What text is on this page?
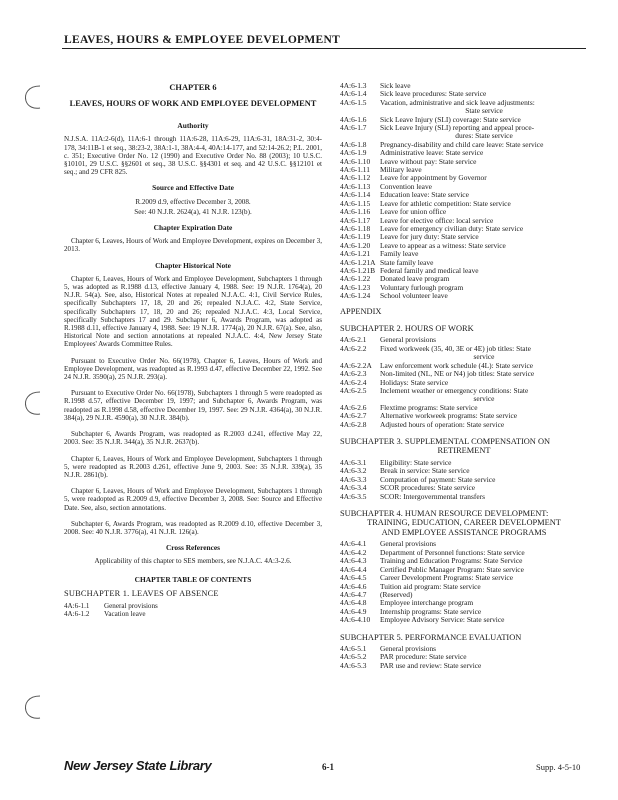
LEAVES, HOURS & EMPLOYEE DEVELOPMENT
CHAPTER 6
LEAVES, HOURS OF WORK AND EMPLOYEE DEVELOPMENT
Authority

N.J.S.A. 11A:2-6(d), 11A:6-1 through 11A:6-28, 11A:6-29, 11A:6-31, 18A:31-2, 30:4-178, 34:11B-1 et seq., 38:23-2, 38A:1-1, 38A:4-4, 40A:14-177, and 52:14-26.2; P.L. 2001, c. 351; Executive Order No. 12 (1990) and Executive Order No. 88 (2003); 10 U.S.C. §10101, 29 U.S.C. §§2601 et seq., 38 U.S.C. §§4301 et seq. and 42 U.S.C. §§12101 et seq.; and 29 CFR 825.

Source and Effective Date

R.2009 d.9, effective December 3, 2008.

See: 40 N.J.R. 2624(a), 41 N.J.R. 123(b).

Chapter Expiration Date

Chapter 6, Leaves, Hours of Work and Employee Development, expires on December 3, 2013.

Chapter Historical Note

Chapter 6, Leaves, Hours of Work and Employee Development, Subchapters 1 through 5, was adopted as R.1988 d.13, effective January 4, 1988. See: 19 N.J.R. 1764(a), 20 N.J.R. 54(a). See, also, Historical Notes at repealed N.J.A.C. 4:1, Civil Service Rules, specifically Subchapters 17, 18, 20 and 26; repealed N.J.A.C. 4:2, State Service, specifically Subchapters 17, 18, 20 and 26; repealed N.J.A.C. 4:3, Local Service, specifically Subchapters 17 and 29. Subchapter 6, Awards Program, was adopted as R.1988 d.11, effective January 4, 1988. See: 19 N.J.R. 1774(a), 20 N.J.R. 67(a). See, also, Historical Note and section annotations at repealed N.J.A.C. 4:4, New Jersey State Employees' Awards Committee Rules.

Pursuant to Executive Order No. 66(1978), Chapter 6, Leaves, Hours of Work and Employee Development, was readopted as R.1993 d.47, effective December 22, 1992. See 24 N.J.R. 3590(a), 25 N.J.R. 293(a).

Pursuant to Executive Order No. 66(1978), Subchapters 1 through 5 were readopted as R.1998 d.57, effective December 19, 1997; and Subchapter 6, Awards Program, was readopted as R.1998 d.58, effective December 19, 1997. See: 29 N.J.R. 4364(a), 30 N.J.R. 384(a), 29 N.J.R. 4590(a), 30 N.J.R. 384(b).

Subchapter 6, Awards Program, was readopted as R.2003 d.241, effective May 22, 2003. See: 35 N.J.R. 344(a), 35 N.J.R. 2637(b).

Chapter 6, Leaves, Hours of Work and Employee Development, Subchapters 1 through 5, were readopted as R.2003 d.261, effective June 9, 2003. See: 35 N.J.R. 339(a), 35 N.J.R. 2861(b).

Chapter 6, Leaves, Hours of Work and Employee Development, Subchapters 1 through 5, were readopted as R.2009 d.9, effective December 3, 2008. See: Source and Effective Date. See, also, section annotations.

Subchapter 6, Awards Program, was readopted as R.2009 d.10, effective December 3, 2008. See: 40 N.J.R. 3776(a), 41 N.J.R. 126(a).

Cross References

Applicability of this chapter to SES members, see N.J.A.C. 4A:3-2.6.

CHAPTER TABLE OF CONTENTS
SUBCHAPTER 1. LEAVES OF ABSENCE
4A:6-1.1	General provisions
4A:6-1.2	Vacation leave
4A:6-1.3	Sick leave
4A:6-1.4	Sick leave procedures: State service
4A:6-1.5	Vacation, administrative and sick leave adjustments:
State service
4A:6-1.6	Sick Leave Injury (SLI) coverage: State service
4A:6-1.7	Sick Leave Injury (SLI) reporting and appeal proce-
dures: State service
4A:6-1.8	Pregnancy-disability and child care leave: State service
4A:6-1.9	Administrative leave: State service
4A:6-1.10	Leave without pay: State service
4A:6-1.11	Military leave
4A:6-1.12	Leave for appointment by Governor
4A:6-1.13	Convention leave
4A:6-1.14	Education leave: State service
4A:6-1.15	Leave for athletic competition: State service
4A:6-1.16	Leave for union office
4A:6-1.17	Leave for elective office: local service
4A:6-1.18	Leave for emergency civilian duty: State service
4A:6-1.19	Leave for jury duty: State service
4A:6-1.20	Leave to appear as a witness: State service
4A:6-1.21	Family leave
4A:6-1.21A State family leave
4A:6-1.21B Federal family and medical leave
4A:6-1.22	Donated leave program
4A:6-1.23	Voluntary furlough program
4A:6-1.24	School volunteer leave
APPENDIX
SUBCHAPTER 2. HOURS OF WORK
4A:6-2.1	General provisions
4A:6-2.2	Fixed workweek (35, 40, 3E or 4E) job titles: State
service
4A:6-2.2A	Law enforcement work schedule (4L): State service
4A:6-2.3	Non-limited (NL, NE or N4) job titles: State service
4A:6-2.4	Holidays: State service
4A:6-2.5	Inclement weather or emergency conditions: State
service
4A:6-2.6	Flextime programs: State service
4A:6-2.7	Alternative workweek programs: State service
4A:6-2.8	Adjusted hours of operation: State service
SUBCHAPTER 3. SUPPLEMENTAL COMPENSATION ON
RETIREMENT
4A:6-3.1	Eligibility: State service
4A:6-3.2	Break in service: State service
4A:6-3.3	Computation of payment: State service
4A:6-3.4	SCOR procedures: State service
4A:6-3.5	SCOR: Intergovernmental transfers
SUBCHAPTER 4. HUMAN RESOURCE DEVELOPMENT:
TRAINING, EDUCATION, CAREER DEVELOPMENT
AND EMPLOYEE ASSISTANCE PROGRAMS
4A:6-4.1	General provisions
4A:6-4.2	Department of Personnel functions: State service
4A:6-4.3	Training and Education Programs: State Service
4A:6-4.4	Certified Public Manager Program: State service
4A:6-4.5	Career Development Programs: State service
4A:6-4.6	Tuition aid program: State service
4A:6-4.7	(Reserved)
4A:6-4.8	Employee interchange program
4A:6-4.9	Internship programs: State service
4A:6-4.10	Employee Advisory Service: State service
SUBCHAPTER 5. PERFORMANCE EVALUATION
4A:6-5.1	General provisions
4A:6-5.2	PAR procedure: State service
4A:6-5.3	PAR use and review: State service
New Jersey State Library	6-1	Supp. 4-5-10
